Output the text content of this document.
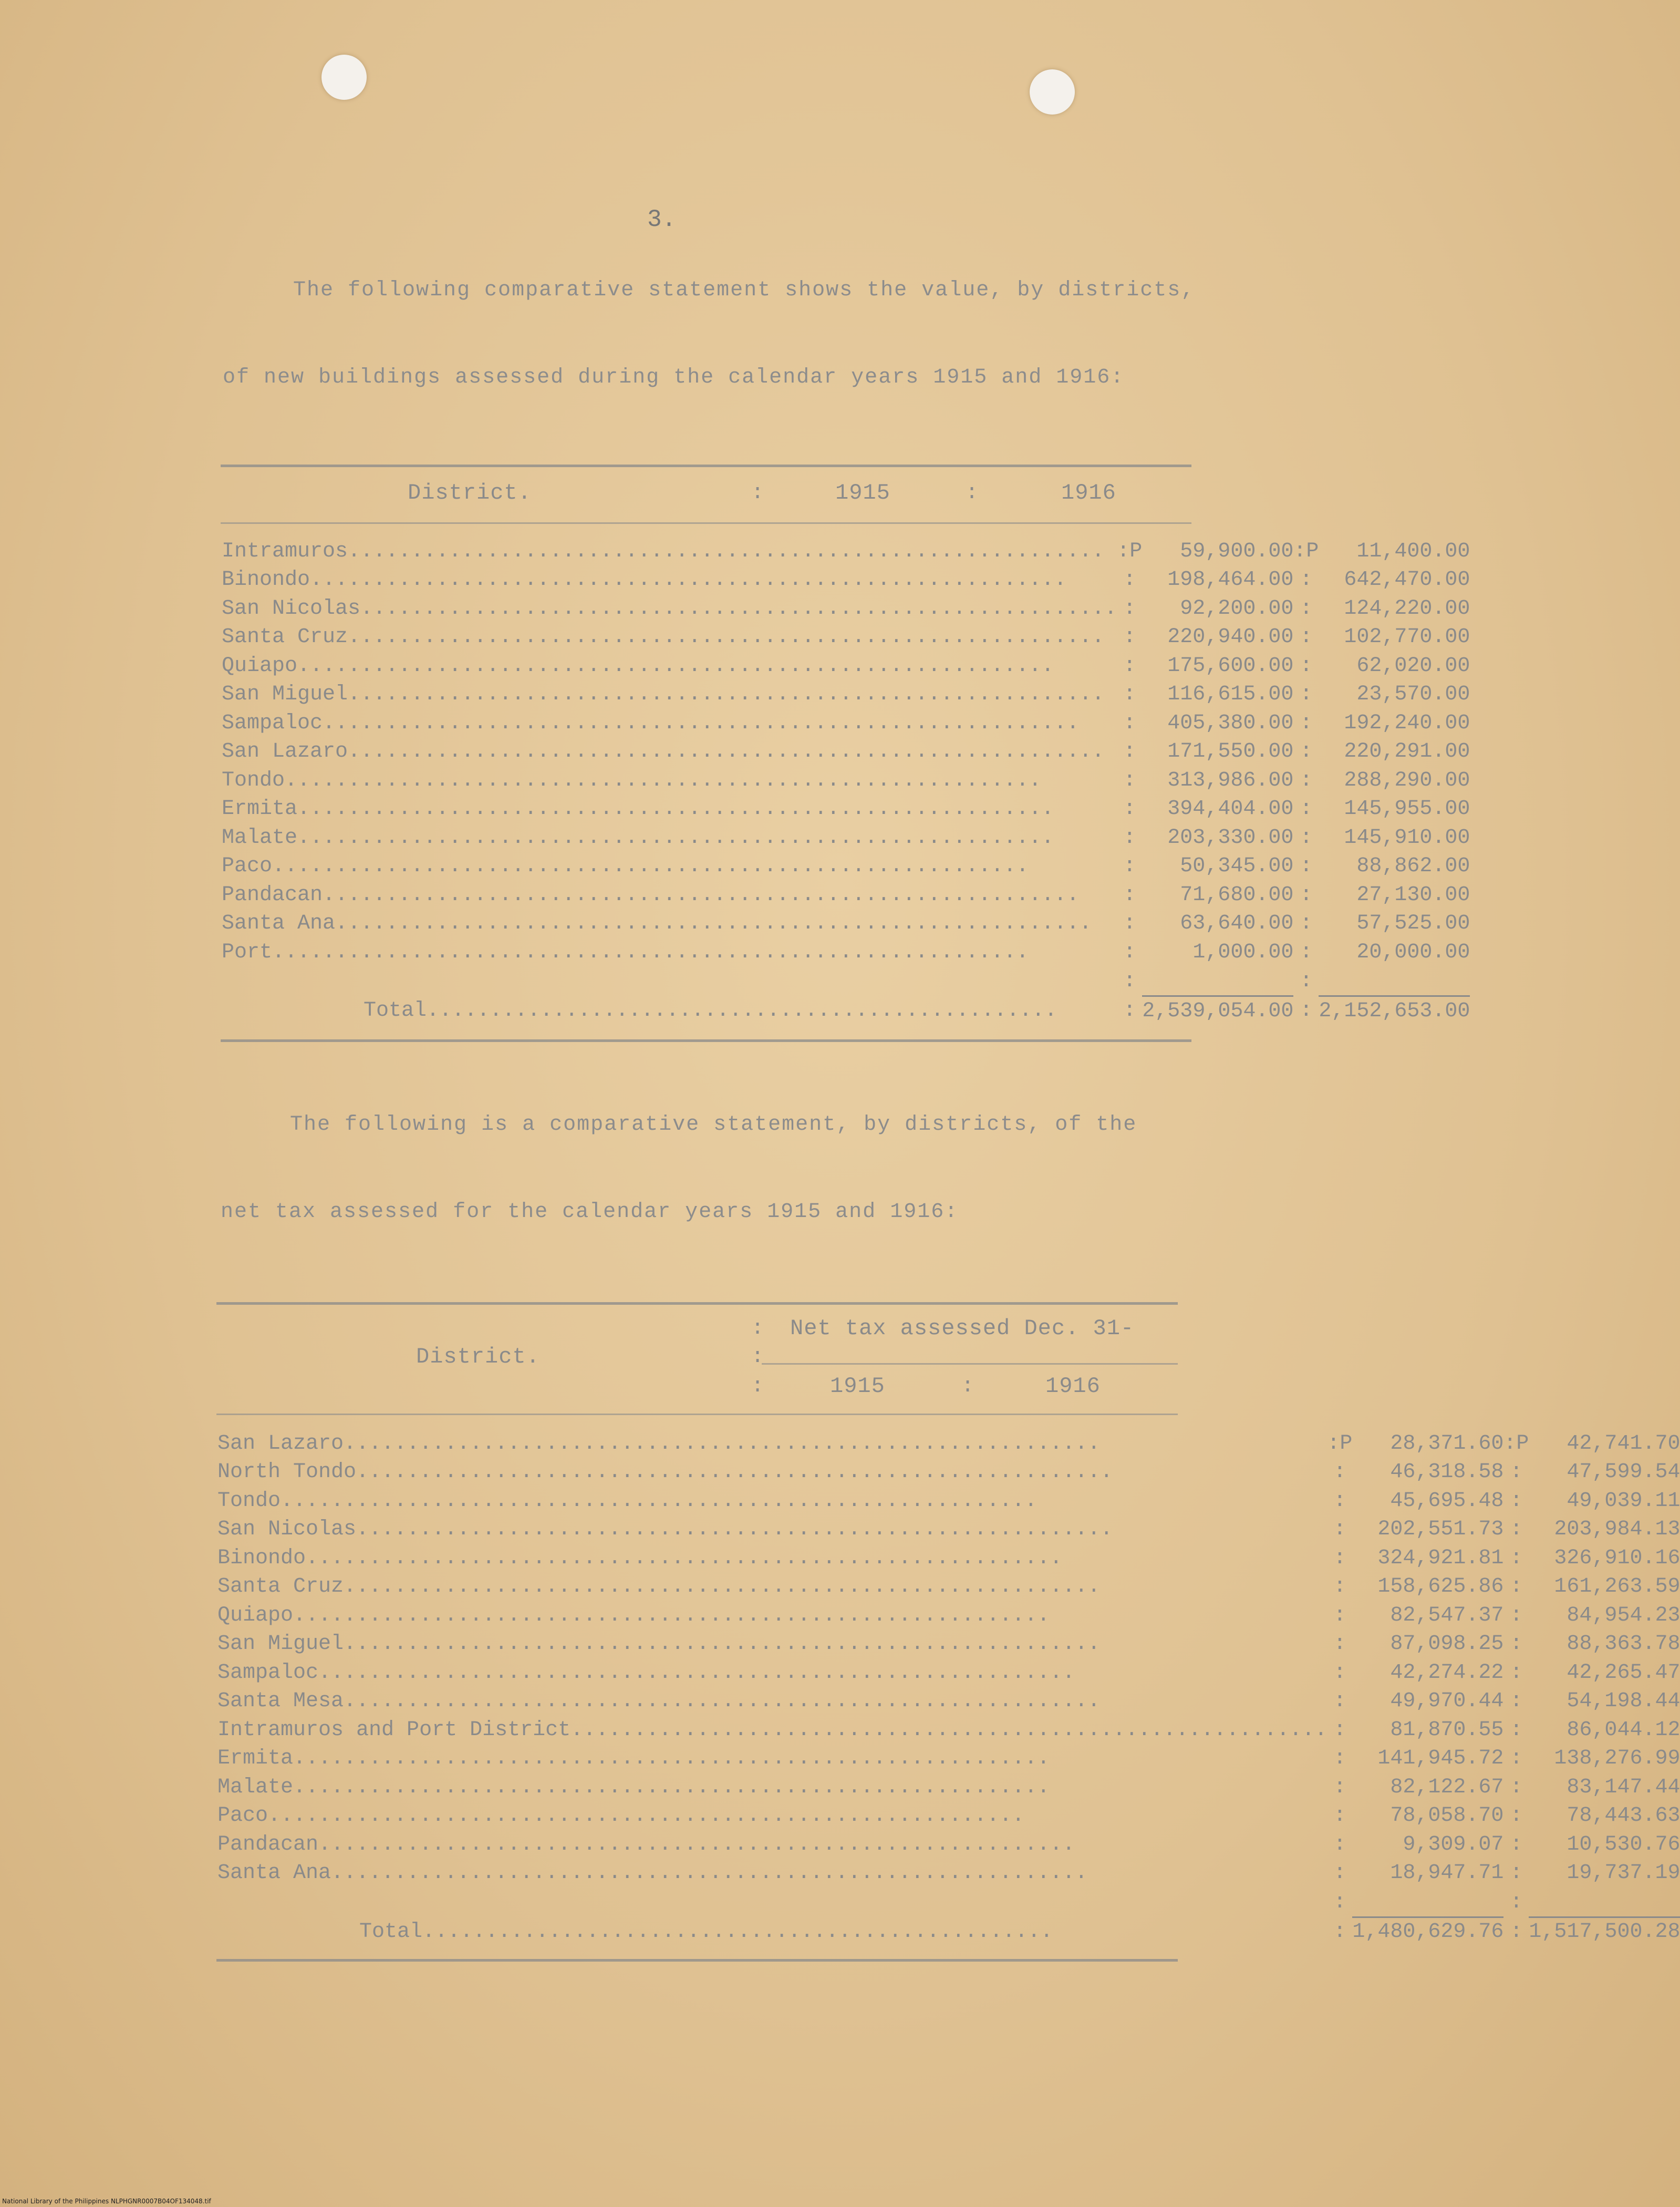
3.
The following comparative statement shows the value, by districts,
of new buildings assessed during the calendar years 1915 and 1916:
District.	:	1915	:	1916
Intramuros............................................................	:P	59,900.00	:P	11,400.00
Binondo............................................................	:	198,464.00	:	642,470.00
San Nicolas............................................................	:	92,200.00	:	124,220.00
Santa Cruz............................................................	:	220,940.00	:	102,770.00
Quiapo............................................................	:	175,600.00	:	62,020.00
San Miguel............................................................	:	116,615.00	:	23,570.00
Sampaloc............................................................	:	405,380.00	:	192,240.00
San Lazaro............................................................	:	171,550.00	:	220,291.00
Tondo............................................................	:	313,986.00	:	288,290.00
Ermita............................................................	:	394,404.00	:	145,955.00
Malate............................................................	:	203,330.00	:	145,910.00
Paco............................................................	:	50,345.00	:	88,862.00
Pandacan............................................................	:	71,680.00	:	27,130.00
Santa Ana............................................................	:	63,640.00	:	57,525.00
Port............................................................	:	1,000.00	:	20,000.00
	:		:	
Total..................................................	:	2,539,054.00	:	2,152,653.00
The following is a comparative statement, by districts, of the
net tax assessed for the calendar years 1915 and 1916:
Net tax assessed Dec. 31-
:
District.	:
:	1915	:	1916
San Lazaro............................................................	:P	28,371.60	:P	42,741.70
North Tondo............................................................	:	46,318.58	:	47,599.54
Tondo............................................................	:	45,695.48	:	49,039.11
San Nicolas............................................................	:	202,551.73	:	203,984.13
Binondo............................................................	:	324,921.81	:	326,910.16
Santa Cruz............................................................	:	158,625.86	:	161,263.59
Quiapo............................................................	:	82,547.37	:	84,954.23
San Miguel............................................................	:	87,098.25	:	88,363.78
Sampaloc............................................................	:	42,274.22	:	42,265.47
Santa Mesa............................................................	:	49,970.44	:	54,198.44
Intramuros and Port District............................................................	:	81,870.55	:	86,044.12
Ermita............................................................	:	141,945.72	:	138,276.99
Malate............................................................	:	82,122.67	:	83,147.44
Paco............................................................	:	78,058.70	:	78,443.63
Pandacan............................................................	:	9,309.07	:	10,530.76
Santa Ana............................................................	:	18,947.71	:	19,737.19
	:		:	
Total..................................................	:	1,480,629.76	:	1,517,500.28
National Library of the Philippines NLPHGNR0007B04OF134048.tif
